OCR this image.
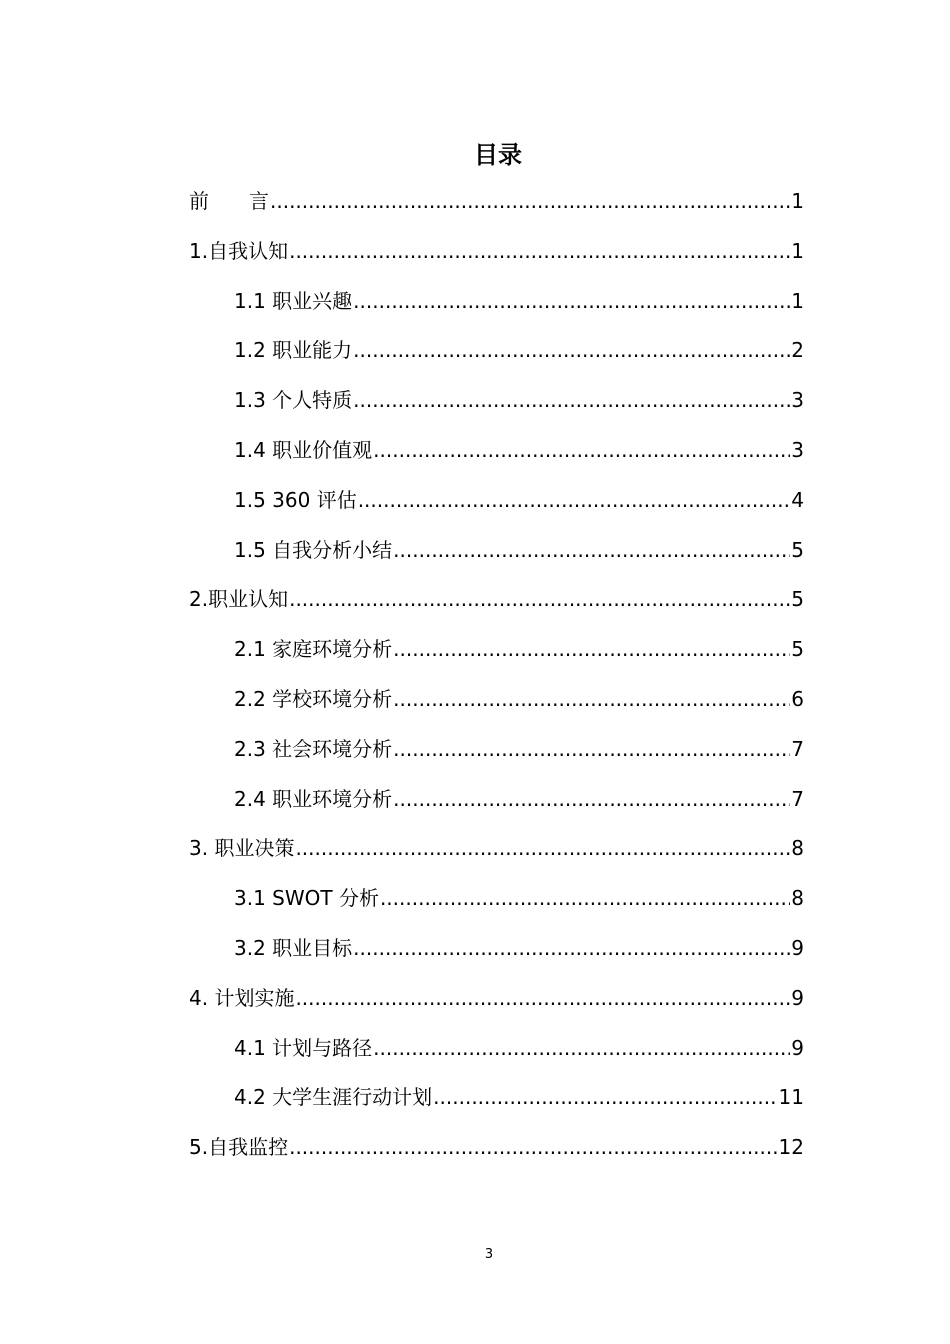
目录
前　　言 .....	1
1.自我认知 .....	1
1.1 职业兴趣 .....	1
1.2 职业能力 .....	2
1.3 个人特质 .....	3
1.4 职业价值观 .....	3
1.5 360 评估 .....	4
1.5 自我分析小结 .....	5
2.职业认知 .....	5
2.1 家庭环境分析 .....	5
2.2 学校环境分析 .....	6
2.3 社会环境分析 .....	7
2.4 职业环境分析 .....	7
3. 职业决策 .....	8
3.1 SWOT 分析 .....	8
3.2 职业目标 .....	9
4. 计划实施 .....	9
4.1 计划与路径 .....	9
4.2 大学生涯行动计划 .....	11
5.自我监控 .....	12
3
